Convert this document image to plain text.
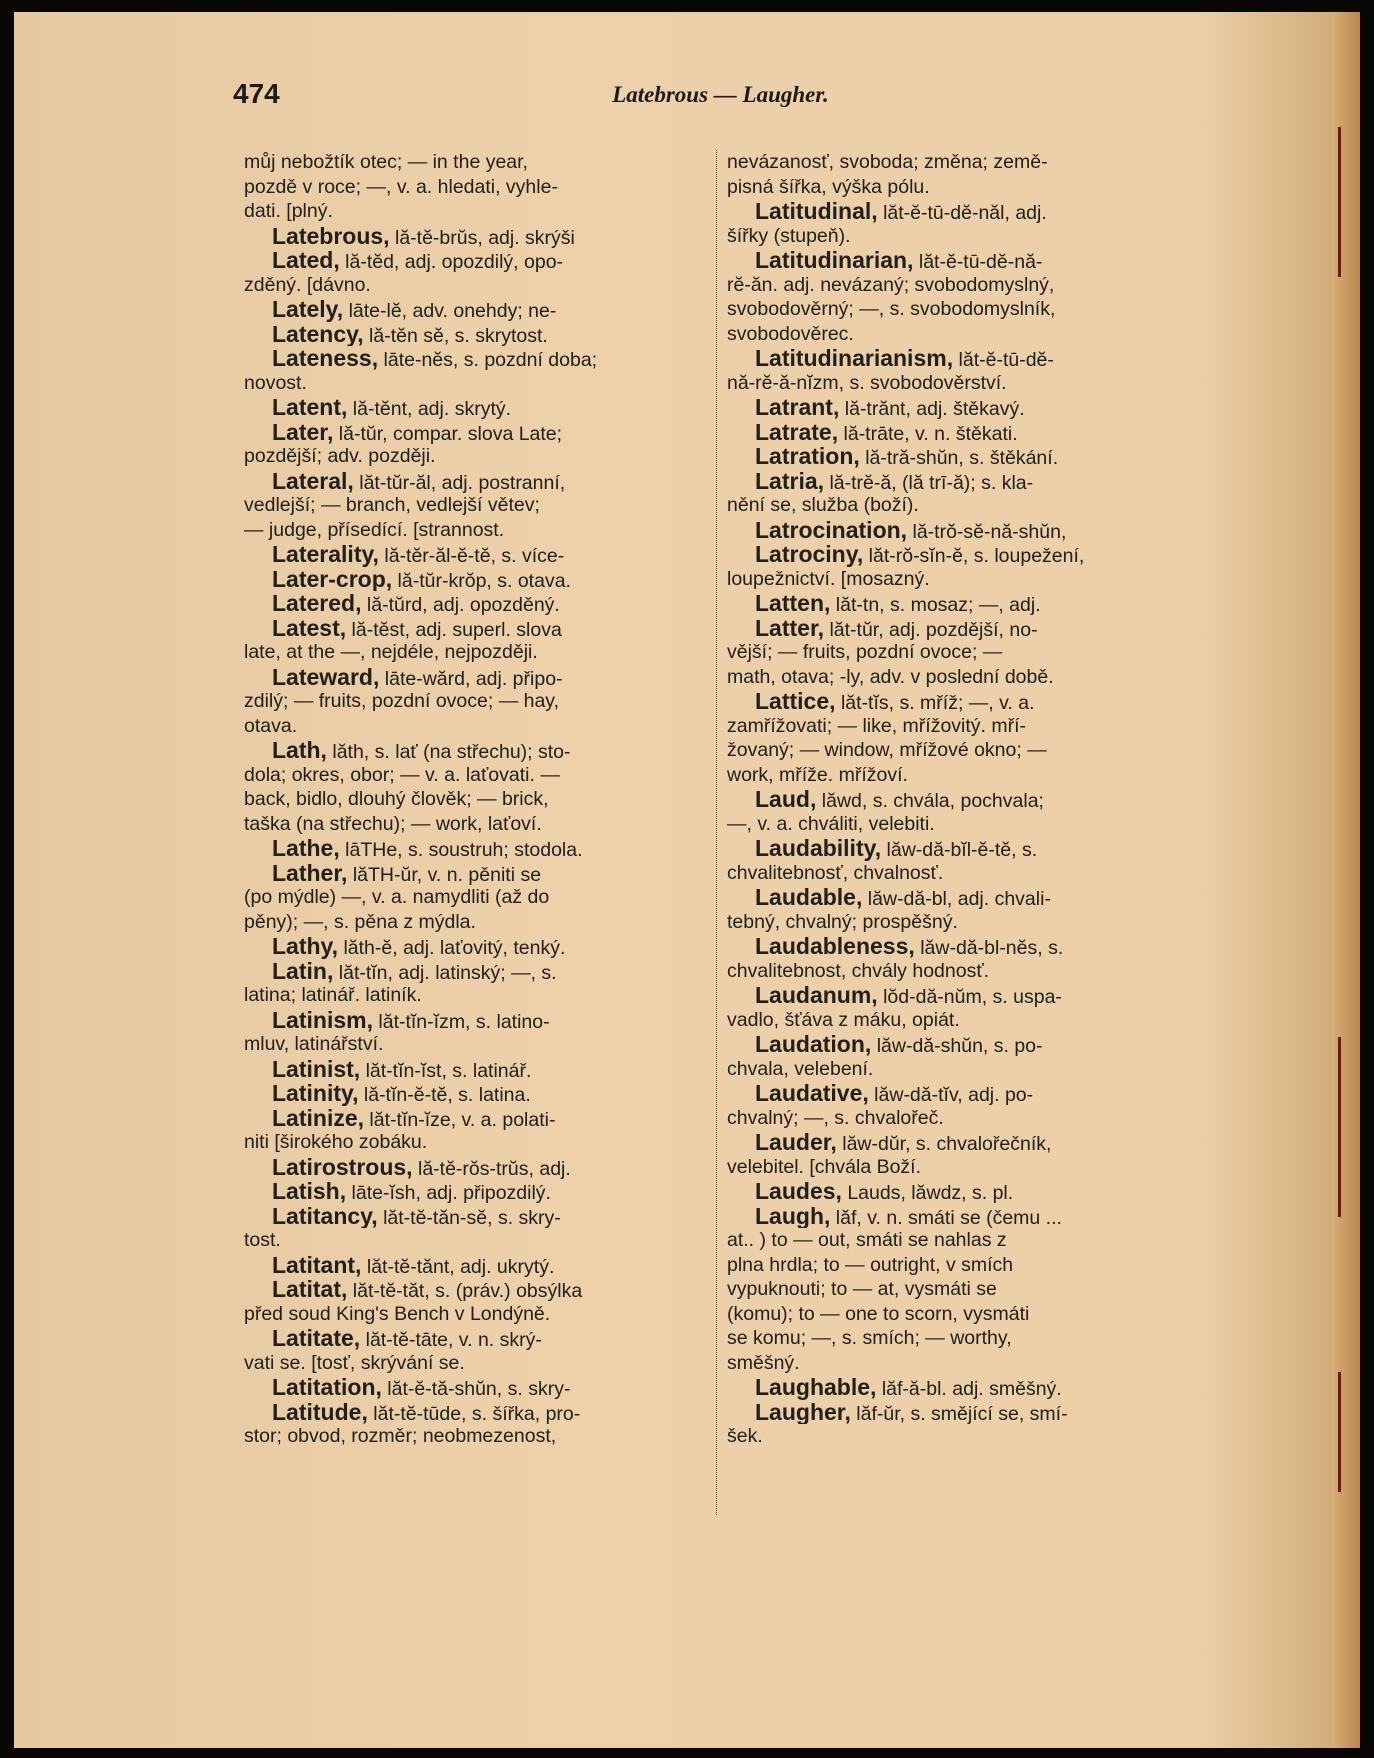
474	Latebrous — Laugher.
můj nebožtík otec; — in the year,
pozdě v roce; —, v. a. hledati, vyhle-
dati. [plný.
Latebrous, lă-tĕ-brŭs, adj. skrýši
Lated, lă-tĕd, adj. opozdilý, opo-
zděný. [dávno.
Lately, lāte-lĕ, adv. onehdy; ne-
Latency, lă-tĕn sĕ, s. skrytost.
Lateness, lāte-nĕs, s. pozdní doba;
novost.
Latent, lă-tĕnt, adj. skrytý.
Later, lă-tŭr, compar. slova Late;
pozdější; adv. později.
Lateral, lăt-tŭr-ăl, adj. postranní,
vedlejší; — branch, vedlejší větev;
— judge, přísedící. [strannost.
Laterality, lă-tĕr-ăl-ĕ-tĕ, s. více-
Later-crop, lă-tŭr-krŏp, s. otava.
Latered, lă-tŭrd, adj. opozděný.
Latest, lă-tĕst, adj. superl. slova
late, at the —, nejdéle, nejpozději.
Lateward, lāte-wărd, adj. připo-
zdilý; — fruits, pozdní ovoce; — hay,
otava.
Lath, lăth, s. lať (na střechu); sto-
dola; okres, obor; — v. a. laťovati. —
back, bidlo, dlouhý člověk; — brick,
taška (na střechu); — work, laťoví.
Lathe, lāTHe, s. soustruh; stodola.
Lather, lăTH-ŭr, v. n. pěniti se
(po mýdle) —, v. a. namydliti (až do
pěny); —, s. pěna z mýdla.
Lathy, lăth-ĕ, adj. laťovitý, tenký.
Latin, lăt-tĭn, adj. latinský; —, s.
latina; latinář. latiník.
Latinism, lăt-tĭn-ĭzm, s. latino-
mluv, latinářství.
Latinist, lăt-tĭn-ĭst, s. latinář.
Latinity, lă-tĭn-ĕ-tĕ, s. latina.
Latinize, lăt-tĭn-ĭze, v. a. polati-
niti [širokého zobáku.
Latirostrous, lă-tĕ-rŏs-trŭs, adj.
Latish, lāte-ĭsh, adj. připozdilý.
Latitancy, lăt-tĕ-tăn-sĕ, s. skry-
tost.
Latitant, lăt-tĕ-tănt, adj. ukrytý.
Latitat, lăt-tĕ-tăt, s. (práv.) obsýlka
před soud King's Bench v Londýně.
Latitate, lăt-tĕ-tāte, v. n. skrý-
vati se. [tosť, skrývání se.
Latitation, lăt-ĕ-tă-shŭn, s. skry-
Latitude, lăt-tĕ-tūde, s. šířka, pro-
stor; obvod, rozměr; neobmezenost,
nevázanosť, svoboda; změna; země-
pisná šířka, výška pólu.
Latitudinal, lăt-ĕ-tū-dĕ-năl, adj.
šířky (stupeň).
Latitudinarian, lăt-ĕ-tū-dĕ-nă-
rĕ-ăn. adj. nevázaný; svobodomyslný,
svobodověrný; —, s. svobodomyslník,
svobodověrec.
Latitudinarianism, lăt-ĕ-tū-dĕ-
nă-rĕ-ă-nĭzm, s. svobodověrství.
Latrant, lă-trănt, adj. štěkavý.
Latrate, lă-trāte, v. n. štěkati.
Latration, lă-tră-shŭn, s. štěkání.
Latria, lă-trĕ-ă, (lă trī-ă); s. kla-
nění se, služba (boží).
Latrocination, lă-trŏ-sĕ-nă-shŭn,
Latrociny, lăt-rŏ-sĭn-ĕ, s. loupežení,
loupežnictví. [mosazný.
Latten, lăt-tn, s. mosaz; —, adj.
Latter, lăt-tŭr, adj. pozdější, no-
vější; — fruits, pozdní ovoce; —
math, otava; -ly, adv. v poslední době.
Lattice, lăt-tĭs, s. mříž; —, v. a.
zamřížovati; — like, mřížovitý. mří-
žovaný; — window, mřížové okno; —
work, mříže. mřížoví.
Laud, lăwd, s. chvála, pochvala;
—, v. a. chváliti, velebiti.
Laudability, lăw-dă-bĭl-ĕ-tĕ, s.
chvalitebnosť, chvalnosť.
Laudable, lăw-dă-bl, adj. chvali-
tebný, chvalný; prospěšný.
Laudableness, lăw-dă-bl-nĕs, s.
chvalitebnost, chvály hodnosť.
Laudanum, lŏd-dă-nŭm, s. uspa-
vadlo, šťáva z máku, opiát.
Laudation, lăw-dă-shŭn, s. po-
chvala, velebení.
Laudative, lăw-dă-tĭv, adj. po-
chvalný; —, s. chvalořeč.
Lauder, lăw-dŭr, s. chvalořečník,
velebitel. [chvála Boží.
Laudes, Lauds, lăwdz, s. pl.
Laugh, lăf, v. n. smáti se (čemu ...
at.. ) to — out, smáti se nahlas z
plna hrdla; to — outright, v smích
vypuknouti; to — at, vysmáti se
(komu); to — one to scorn, vysmáti
se komu; —, s. smích; — worthy,
směšný.
Laughable, lăf-ă-bl. adj. směšný.
Laugher, lăf-ŭr, s. smějící se, smí-
šek.
